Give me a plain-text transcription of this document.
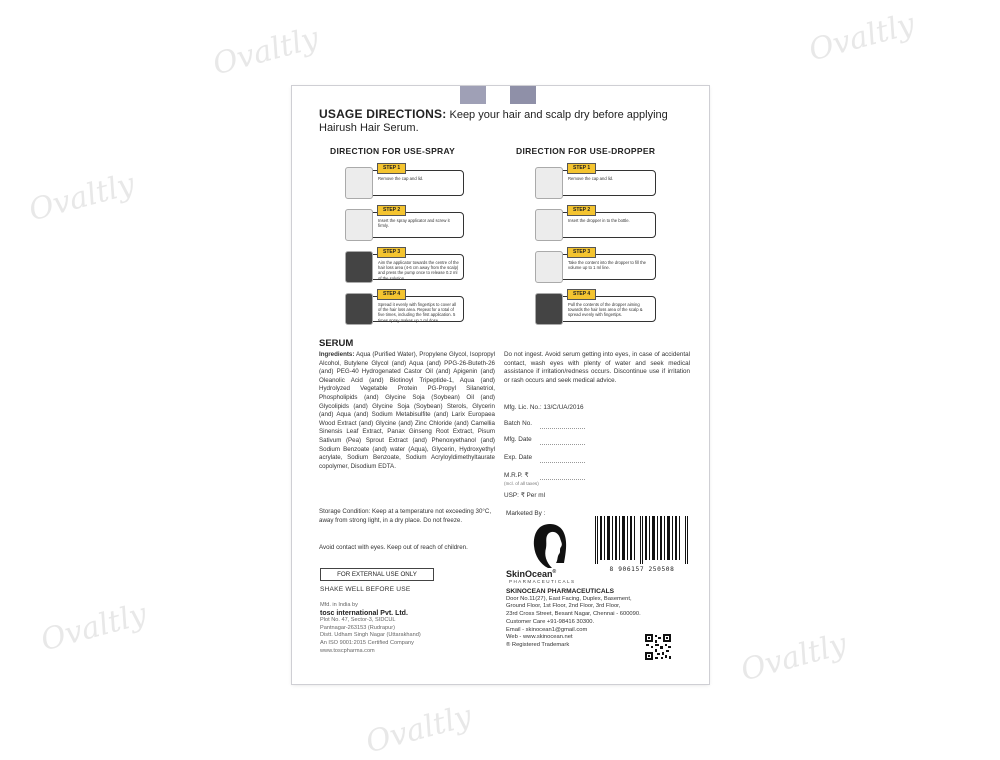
Ovaltly	Ovaltly
Ovaltly
Ovaltly
Ovaltly
Ovaltly
USAGE DIRECTIONS: Keep your hair and scalp dry before applying Hairush Hair Serum.
DIRECTION FOR USE-SPRAY
STEP 1
Remove the cap and lid.
STEP 2
Insert the spray applicator and screw it firmly.
STEP 3
Aim the applicator towards the centre of the hair loss area (4-6 cm away from the scalp) and press the pump once to release 0.2 ml of the solution.
STEP 4
Spread it evenly with fingertips to cover all of the hair loss area. Repeat for a total of five times, including the first application. 5 times spray makes up 1 ml dose.
DIRECTION FOR USE-DROPPER
STEP 1
Remove the cap and lid.
STEP 2
Insert the dropper in to the bottle.
STEP 3
Take the content into the dropper to fill the volume up to 1 ml line.
STEP 4
Pull the contents of the dropper aiming towards the hair loss area of the scalp & spread evenly with fingertips.
SERUM
Ingredients: Aqua (Purified Water), Propylene Glycol, Isopropyl Alcohol, Butylene Glycol (and) Aqua (and) PPG-26-Buteth-26 (and) PEG-40 Hydrogenated Castor Oil (and) Apigenin (and) Oleanolic Acid (and) Biotinoyl Tripeptide-1, Aqua (and) Hydrolyzed Vegetable Protein PG-Propyl Silanetriol, Phospholipids (and) Glycine Soja (Soybean) Oil (and) Glycolipids (and) Glycine Soja (Soybean) Sterols, Glycerin (and) Aqua (and) Sodium Metabisulfite (and) Larix Europaea Wood Extract (and) Glycine (and) Zinc Chloride (and) Camellia Sinensis Leaf Extract, Panax Ginseng Root Extract, Pisum Sativum (Pea) Sprout Extract (and) Phenoxyethanol (and) Sodium Benzoate (and) water (Aqua), Glycerin, Hydroxyethyl acrylate, Sodium Benzoate, Sodium Acryloyldimethyltaurate copolymer, Disodium EDTA.
Storage Condition: Keep at a temperature not exceeding 30°C, away from strong light, in a dry place. Do not freeze.
Avoid contact with eyes. Keep out of reach of children.
FOR EXTERNAL USE ONLY
SHAKE WELL BEFORE USE
Mfd. in India by
tosc international Pvt. Ltd.
Plot No. 47, Sector-3, SIDCUL
Pantnagar-263153 (Rudrapur)
Distt. Udham Singh Nagar (Uttarakhand)
An ISO 9001:2015 Certified Company
www.toscpharma.com
Do not ingest. Avoid serum getting into eyes, in case of accidental contact, wash eyes with plenty of water and seek medical assistance if irritation/redness occurs. Discontinue use if irritation or rash occurs and seek medical advice.
Mfg. Lic. No.: 13/C/UA/2016
Batch No.
Mfg. Date
Exp. Date
M.R.P. ₹
(Incl. of all taxes)
USP: ₹ Per ml
Marketed By :
SkinOcean®
PHARMACEUTICALS
8 906157 250508
SKINOCEAN PHARMACEUTICALS
Door No.11(27), East Facing, Duplex, Basement,
Ground Floor, 1st Floor, 2nd Floor, 3rd Floor,
23rd Cross Street, Besant Nagar, Chennai - 600090.
Customer Care +91-98416 30300.
Email - skinocean1@gmail.com
Web - www.skinocean.net
® Registered Trademark
